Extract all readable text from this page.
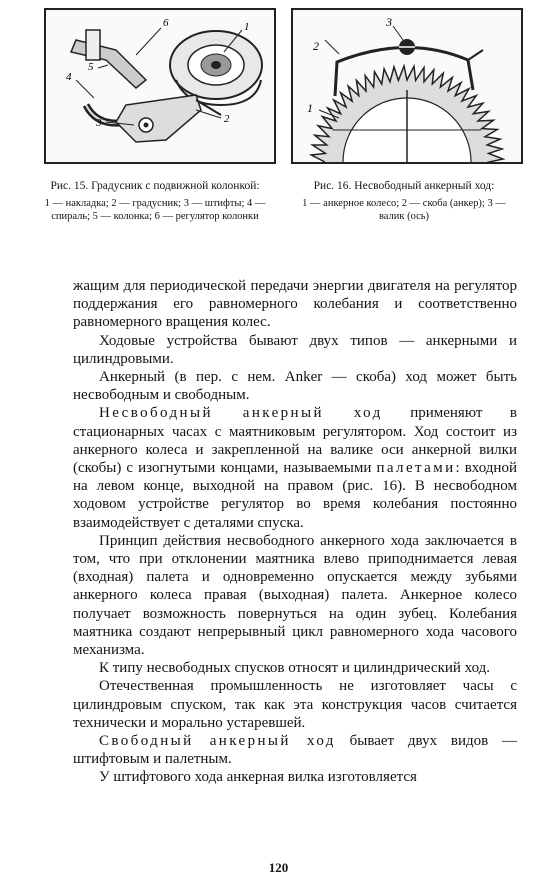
1
2
3
4
5
6
2
3
1
Рис. 15. Градусник с подвижной колонкой:
1 — накладка; 2 — градусник; 3 — штифты; 4 — спираль; 5 — колонка; 6 — регулятор колонки
Рис. 16. Несвободный анкерный ход:
1 — анкерное колесо; 2 — скоба (анкер); 3 — валик (ось)

жащим для периодической передачи энергии двигателя на регулятор поддержания его равномерного колебания и соответственно равномерного вращения колес.

Ходовые устройства бывают двух типов — анкерными и цилиндровыми.

Анкерный (в пер. с нем. Anker — скоба) ход может быть несвободным и свободным.

Несвободный анкерный ход применяют в стационарных часах с маятниковым регулятором. Ход состоит из анкерного колеса и закрепленной на валике оси анкерной вилки (скобы) с изогнутыми концами, называемыми палетами: входной на левом конце, выходной на правом (рис. 16). В несвободном ходовом устройстве регулятор во время колебания постоянно взаимодействует с деталями спуска.

Принцип действия несвободного анкерного хода заключается в том, что при отклонении маятника влево приподнимается левая (входная) палета и одновременно опускается между зубьями анкерного колеса правая (выходная) палета. Анкерное колесо получает возможность повернуться на один зубец. Колебания маятника создают непрерывный цикл равномерного хода часового механизма.

К типу несвободных спусков относят и цилиндрический ход.

Отечественная промышленность не изготовляет часы с цилиндровым спуском, так как эта конструкция часов считается технически и морально устаревшей.

Свободный анкерный ход бывает двух видов — штифтовым и палетным.

У штифтового хода анкерная вилка изготовляется

120
